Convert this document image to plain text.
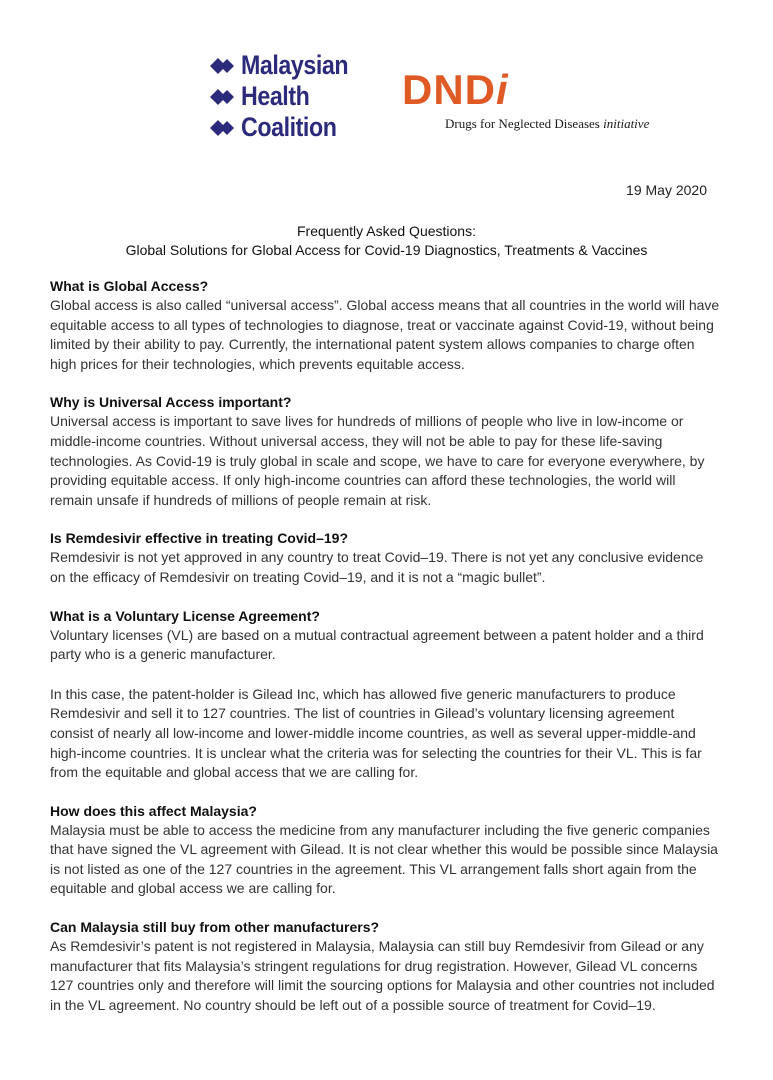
Malaysian
Health
Coalition
DNDi
Drugs for Neglected Diseases initiative
19 May 2020
Frequently Asked Questions:
Global Solutions for Global Access for Covid-19 Diagnostics, Treatments & Vaccines

What is Global Access?

Global access is also called “universal access”. Global access means that all countries in the world will have equitable access to all types of technologies to diagnose, treat or vaccinate against Covid-19, without being limited by their ability to pay. Currently, the international patent system allows companies to charge often high prices for their technologies, which prevents equitable access.

Why is Universal Access important?

Universal access is important to save lives for hundreds of millions of people who live in low-income or middle-income countries. Without universal access, they will not be able to pay for these life-saving technologies. As Covid-19 is truly global in scale and scope, we have to care for everyone everywhere, by providing equitable access. If only high-income countries can afford these technologies, the world will remain unsafe if hundreds of millions of people remain at risk.

Is Remdesivir effective in treating Covid–19?

Remdesivir is not yet approved in any country to treat Covid–19. There is not yet any conclusive evidence on the efficacy of Remdesivir on treating Covid–19, and it is not a “magic bullet”.

What is a Voluntary License Agreement?

Voluntary licenses (VL) are based on a mutual contractual agreement between a patent holder and a third party who is a generic manufacturer.

In this case, the patent-holder is Gilead Inc, which has allowed five generic manufacturers to produce Remdesivir and sell it to 127 countries. The list of countries in Gilead’s voluntary licensing agreement consist of nearly all low-income and lower-middle income countries, as well as several upper-middle-and high-income countries. It is unclear what the criteria was for selecting the countries for their VL. This is far from the equitable and global access that we are calling for.

How does this affect Malaysia?

Malaysia must be able to access the medicine from any manufacturer including the five generic companies that have signed the VL agreement with Gilead. It is not clear whether this would be possible since Malaysia is not listed as one of the 127 countries in the agreement. This VL arrangement falls short again from the equitable and global access we are calling for.

Can Malaysia still buy from other manufacturers?

As Remdesivir’s patent is not registered in Malaysia, Malaysia can still buy Remdesivir from Gilead or any manufacturer that fits Malaysia’s stringent regulations for drug registration. However, Gilead VL concerns 127 countries only and therefore will limit the sourcing options for Malaysia and other countries not included in the VL agreement. No country should be left out of a possible source of treatment for Covid–19.
